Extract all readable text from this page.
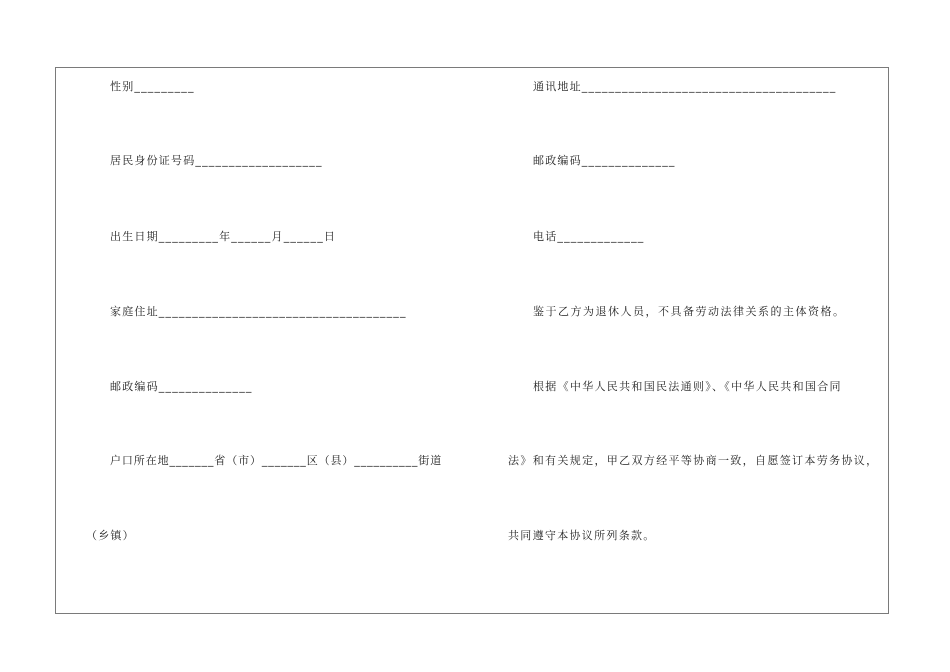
性别_________
居民身份证号码___________________
出生日期_________年______月______日
家庭住址_____________________________________
邮政编码______________
户口所在地_______省（市）_______区（县）__________街道
（乡镇）
通讯地址______________________________________
邮政编码______________
电话_____________
鉴于乙方为退休人员，不具备劳动法律关系的主体资格。
根据《中华人民共和国民法通则》、《中华人民共和国合同
法》和有关规定，甲乙双方经平等协商一致，自愿签订本劳务协议，
共同遵守本协议所列条款。
